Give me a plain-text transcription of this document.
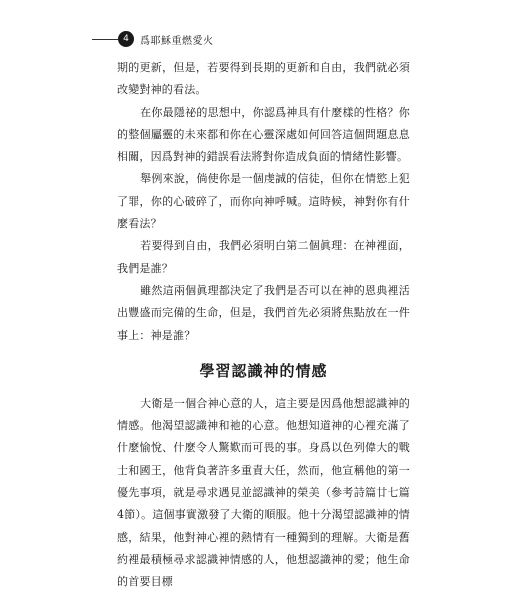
4	爲耶穌重燃愛火

期的更新，但是，若要得到長期的更新和自由，我們就必須改變對神的看法。

在你最隱祕的思想中，你認爲神具有什麼樣的性格？你的整個屬靈的未來都和你在心靈深處如何回答這個問題息息相關，因爲對神的錯誤看法將對你造成負面的情緒性影響。

舉例來說，倘使你是一個虔誠的信徒，但你在情慾上犯了罪，你的心破碎了，而你向神呼喊。這時候，神對你有什麼看法？

若要得到自由，我們必須明白第二個眞理：在神裡面，我們是誰？

雖然這兩個眞理都決定了我們是否可以在神的恩典裡活出豐盛而完備的生命，但是，我們首先必須將焦點放在一件事上：神是誰？

學習認識神的情感

大衛是一個合神心意的人，這主要是因爲他想認識神的情感。他渴望認識神和祂的心意。他想知道神的心裡充滿了什麼愉悅、什麼令人驚歎而可畏的事。身爲以色列偉大的戰士和國王，他背負著許多重責大任，然而，他宣稱他的第一優先事項，就是尋求遇見並認識神的榮美（參考詩篇廿七篇4節）。這個事實激發了大衛的順服。他十分渴望認識神的情感，結果，他對神心裡的熱情有一種獨到的理解。大衛是舊約裡最積極尋求認識神情感的人，他想認識神的愛；他生命的首要目標
